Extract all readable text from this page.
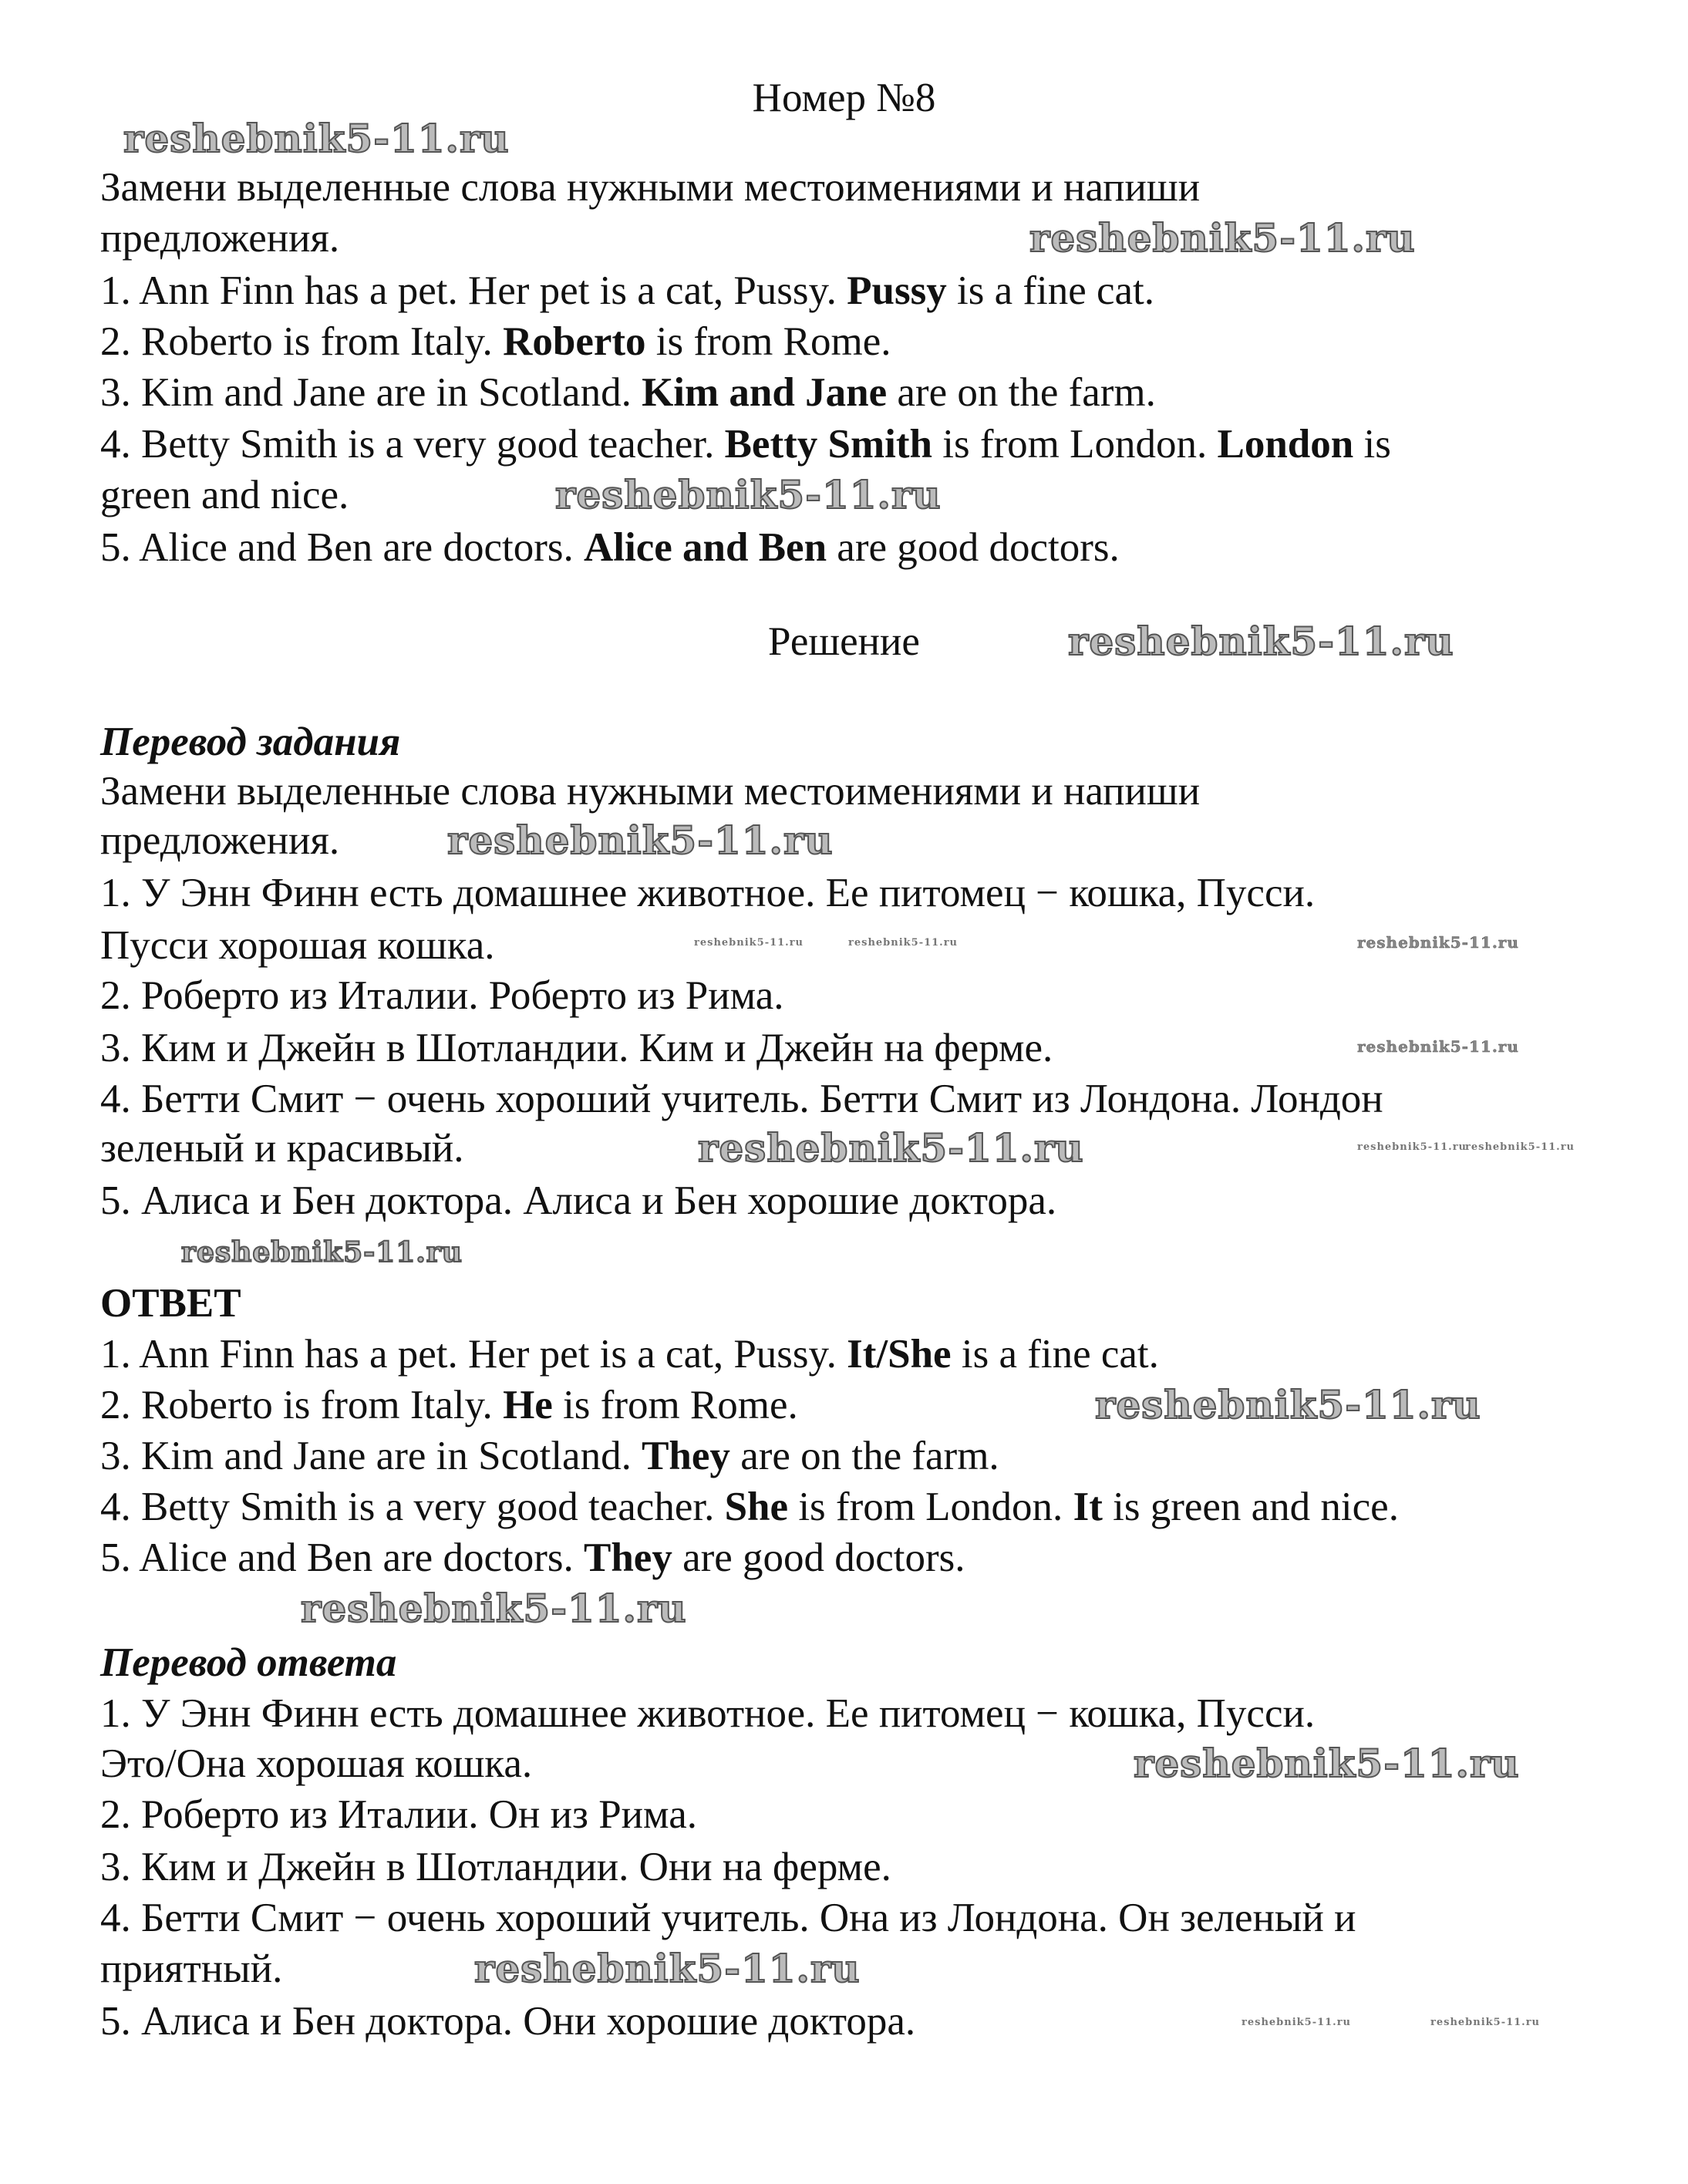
Номер №8
Замени выделенные слова нужными местоимениями и напиши
предложения.
1. Ann Finn has a pet. Her pet is a cat, Pussy. Pussy is a fine cat.
2. Roberto is from Italy. Roberto is from Rome.
3. Kim and Jane are in Scotland. Kim and Jane are on the farm.
4. Betty Smith is a very good teacher. Betty Smith is from London. London is
green and nice.
5. Alice and Ben are doctors. Alice and Ben are good doctors.
Решение
Перевод задания
Замени выделенные слова нужными местоимениями и напиши
предложения.
1. У Энн Финн есть домашнее животное. Ее питомец − кошка, Пусси.
Пусси хорошая кошка.
2. Роберто из Италии. Роберто из Рима.
3. Ким и Джейн в Шотландии. Ким и Джейн на ферме.
4. Бетти Смит − очень хороший учитель. Бетти Смит из Лондона. Лондон
зеленый и красивый.
5. Алиса и Бен доктора. Алиса и Бен хорошие доктора.
ОТВЕТ
1. Ann Finn has a pet. Her pet is a cat, Pussy. It/She is a fine cat.
2. Roberto is from Italy. He is from Rome.
3. Kim and Jane are in Scotland. They are on the farm.
4. Betty Smith is a very good teacher. She is from London. It is green and nice.
5. Alice and Ben are doctors. They are good doctors.
Перевод ответа
1. У Энн Финн есть домашнее животное. Ее питомец − кошка, Пусси.
Это/Она хорошая кошка.
2. Роберто из Италии. Он из Рима.
3. Ким и Джейн в Шотландии. Они на ферме.
4. Бетти Смит − очень хороший учитель. Она из Лондона. Он зеленый и
приятный.
5. Алиса и Бен доктора. Они хорошие доктора.
reshebnik5-11.ru
reshebnik5-11.ru
reshebnik5-11.ru
reshebnik5-11.ru
reshebnik5-11.ru
reshebnik5-11.ru
reshebnik5-11.ru
reshebnik5-11.ru
reshebnik5-11.ru
reshebnik5-11.ru
reshebnik5-11.ru
reshebnik5-11.ru
reshebnik5-11.ru
reshebnik5-11.ru
reshebnik5-11.ru
reshebnik5-11.ru	reshebnik5-11.ru
reshebnik5-11.ru	reshebnik5-11.ru
